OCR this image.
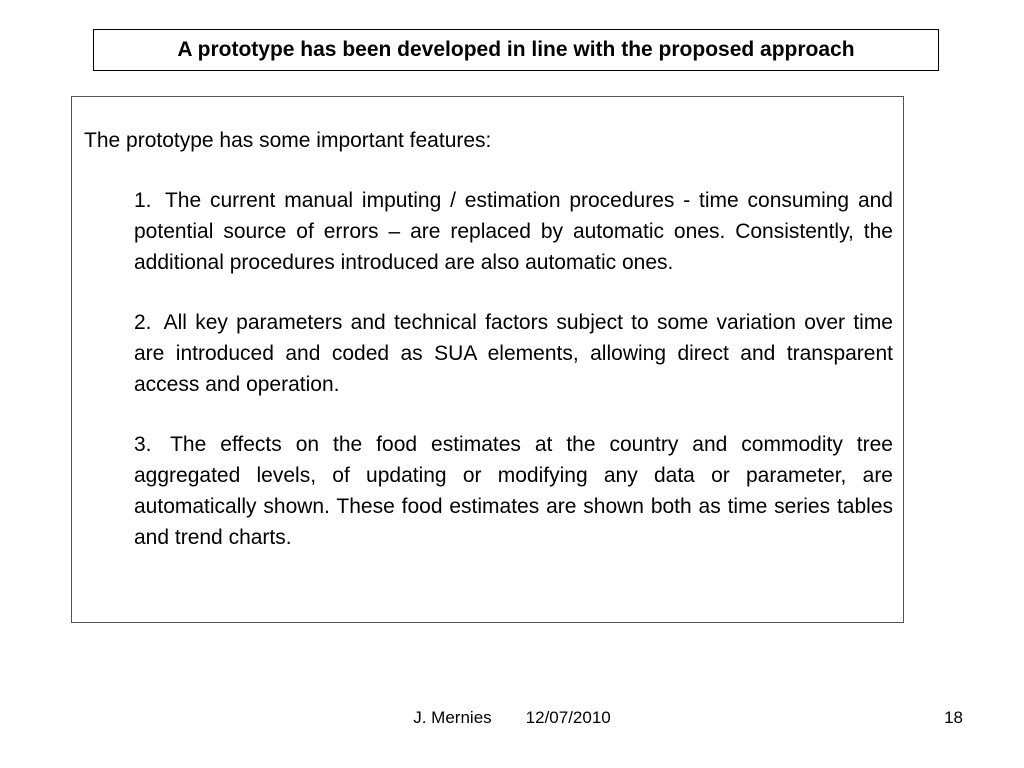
A prototype has been developed in line with the proposed approach

The prototype has some important features:

1. The current manual imputing / estimation procedures - time consuming and potential source of errors – are replaced by automatic ones. Consistently, the additional procedures introduced are also automatic ones.

2. All key parameters and technical factors subject to some variation over time are introduced and coded as SUA elements, allowing direct and transparent access and operation.

3. The effects on the food estimates at the country and commodity tree aggregated levels, of updating or modifying any data or parameter, are automatically shown. These food estimates are shown both as time series tables and trend charts.

J. Mernies 12/07/2010	18
